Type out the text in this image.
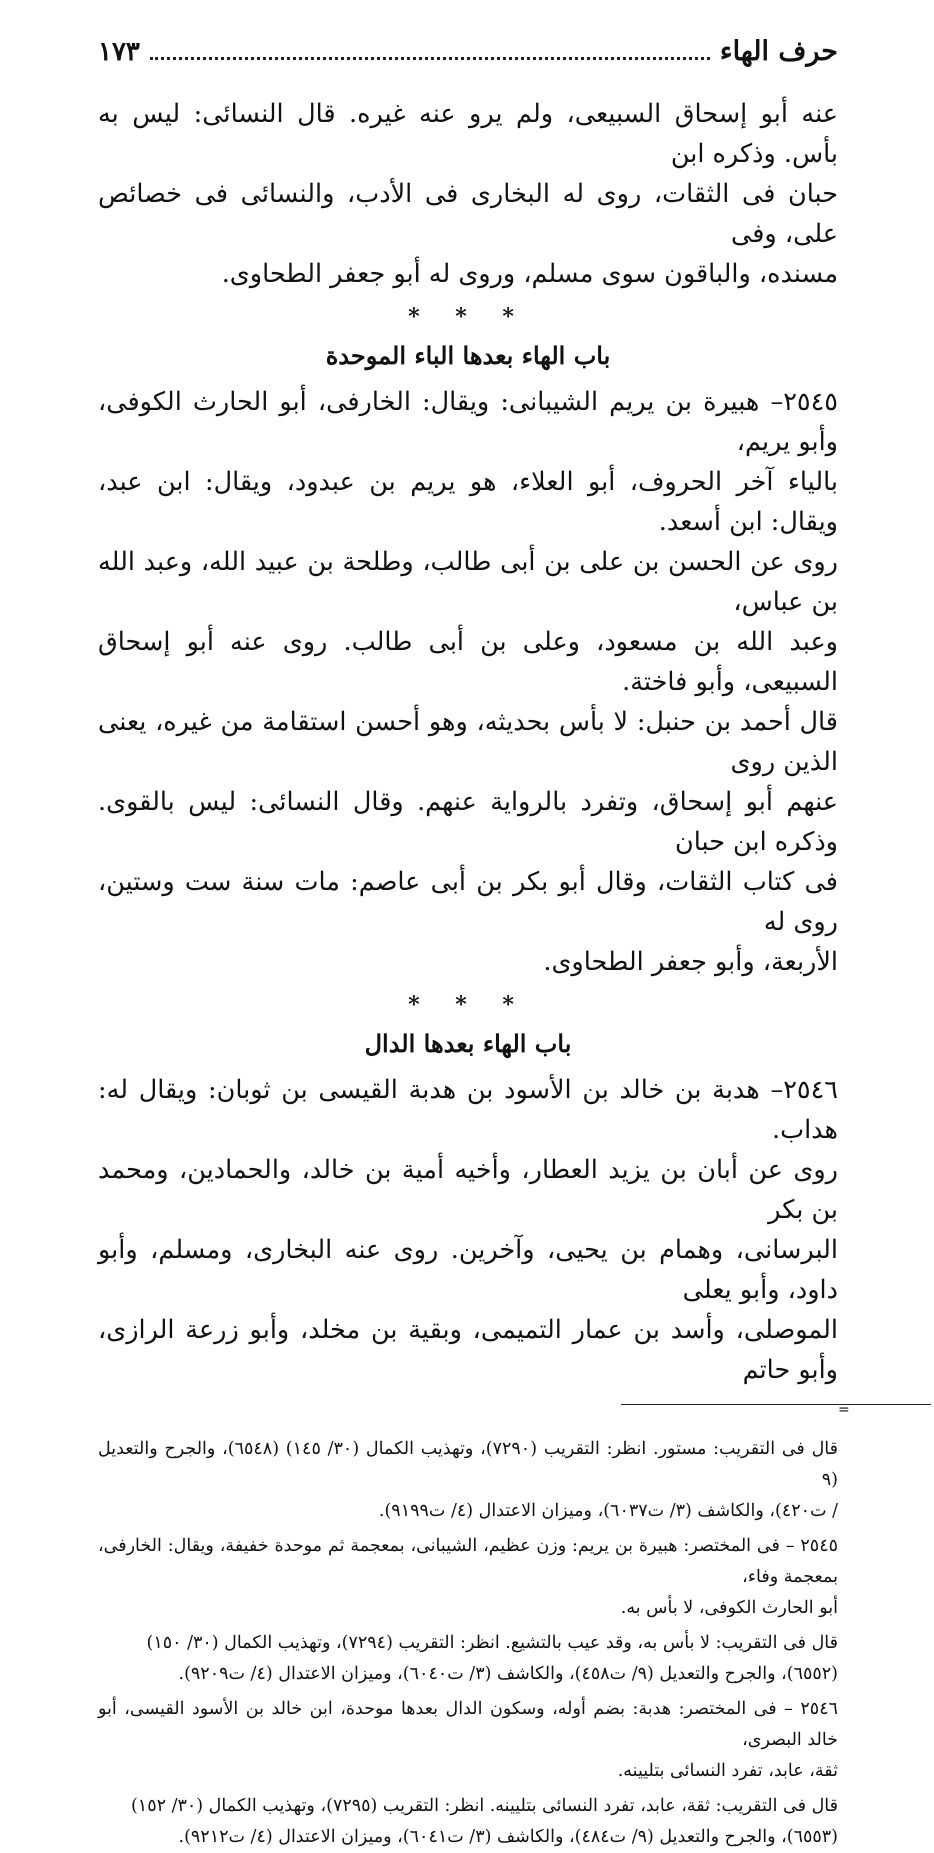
حرف الهاء
١٧٣

عنه أبو إسحاق السبيعى، ولم يرو عنه غيره. قال النسائى: ليس به بأس. وذكره ابن

حبان فى الثقات، روى له البخارى فى الأدب، والنسائى فى خصائص على، وفى

مسنده، والباقون سوى مسلم، وروى له أبو جعفر الطحاوى.

* * *
باب الهاء بعدها الباء الموحدة

٢٥٤٥– هبيرة بن يريم الشيبانى: ويقال: الخارفى، أبو الحارث الكوفى، وأبو يريم،

بالياء آخر الحروف، أبو العلاء، هو يريم بن عبدود، ويقال: ابن عبد، ويقال: ابن أسعد.

روى عن الحسن بن على بن أبى طالب، وطلحة بن عبيد الله، وعبد الله بن عباس،

وعبد الله بن مسعود، وعلى بن أبى طالب. روى عنه أبو إسحاق السبيعى، وأبو فاختة.

قال أحمد بن حنبل: لا بأس بحديثه، وهو أحسن استقامة من غيره، يعنى الذين روى

عنهم أبو إسحاق، وتفرد بالرواية عنهم. وقال النسائى: ليس بالقوى. وذكره ابن حبان

فى كتاب الثقات، وقال أبو بكر بن أبى عاصم: مات سنة ست وستين، روى له

الأربعة، وأبو جعفر الطحاوى.

* * *
باب الهاء بعدها الدال

٢٥٤٦– هدبة بن خالد بن الأسود بن هدبة القيسى بن ثوبان: ويقال له: هداب.

روى عن أبان بن يزيد العطار، وأخيه أمية بن خالد، والحمادين، ومحمد بن بكر

البرسانى، وهمام بن يحيى، وآخرين. روى عنه البخارى، ومسلم، وأبو داود، وأبو يعلى

الموصلى، وأسد بن عمار التميمى، وبقية بن مخلد، وأبو زرعة الرازى، وأبو حاتم

=

قال فى التقريب: مستور. انظر: التقريب (٧٢٩٠)، وتهذيب الكمال (٣٠/ ١٤٥) (٦٥٤٨)، والجرح والتعديل (٩

/ ت٤٢٠)، والكاشف (٣/ ت٦٠٣٧)، وميزان الاعتدال (٤/ ت٩١٩٩).

٢٥٤٥ – فى المختصر: هبيرة بن يريم: وزن عظيم، الشيبانى، بمعجمة ثم موحدة خفيفة، ويقال: الخارفى، بمعجمة وفاء،

أبو الحارث الكوفى، لا بأس به.

قال فى التقريب: لا بأس به، وقد عيب بالتشيع. انظر: التقريب (٧٢٩٤)، وتهذيب الكمال (٣٠/ ١٥٠)

(٦٥٥٢)، والجرح والتعديل (٩/ ت٤٥٨)، والكاشف (٣/ ت٦٠٤٠)، وميزان الاعتدال (٤/ ت٩٢٠٩).

٢٥٤٦ – فى المختصر: هدبة: بضم أوله، وسكون الدال بعدها موحدة، ابن خالد بن الأسود القيسى، أبو خالد البصرى،

ثقة، عابد، تفرد النسائى بتليينه.

قال فى التقريب: ثقة، عابد، تفرد النسائى بتليينه. انظر: التقريب (٧٢٩٥)، وتهذيب الكمال (٣٠/ ١٥٢)

(٦٥٥٣)، والجرح والتعديل (٩/ ت٤٨٤)، والكاشف (٣/ ت٦٠٤١)، وميزان الاعتدال (٤/ ت٩٢١٢).
